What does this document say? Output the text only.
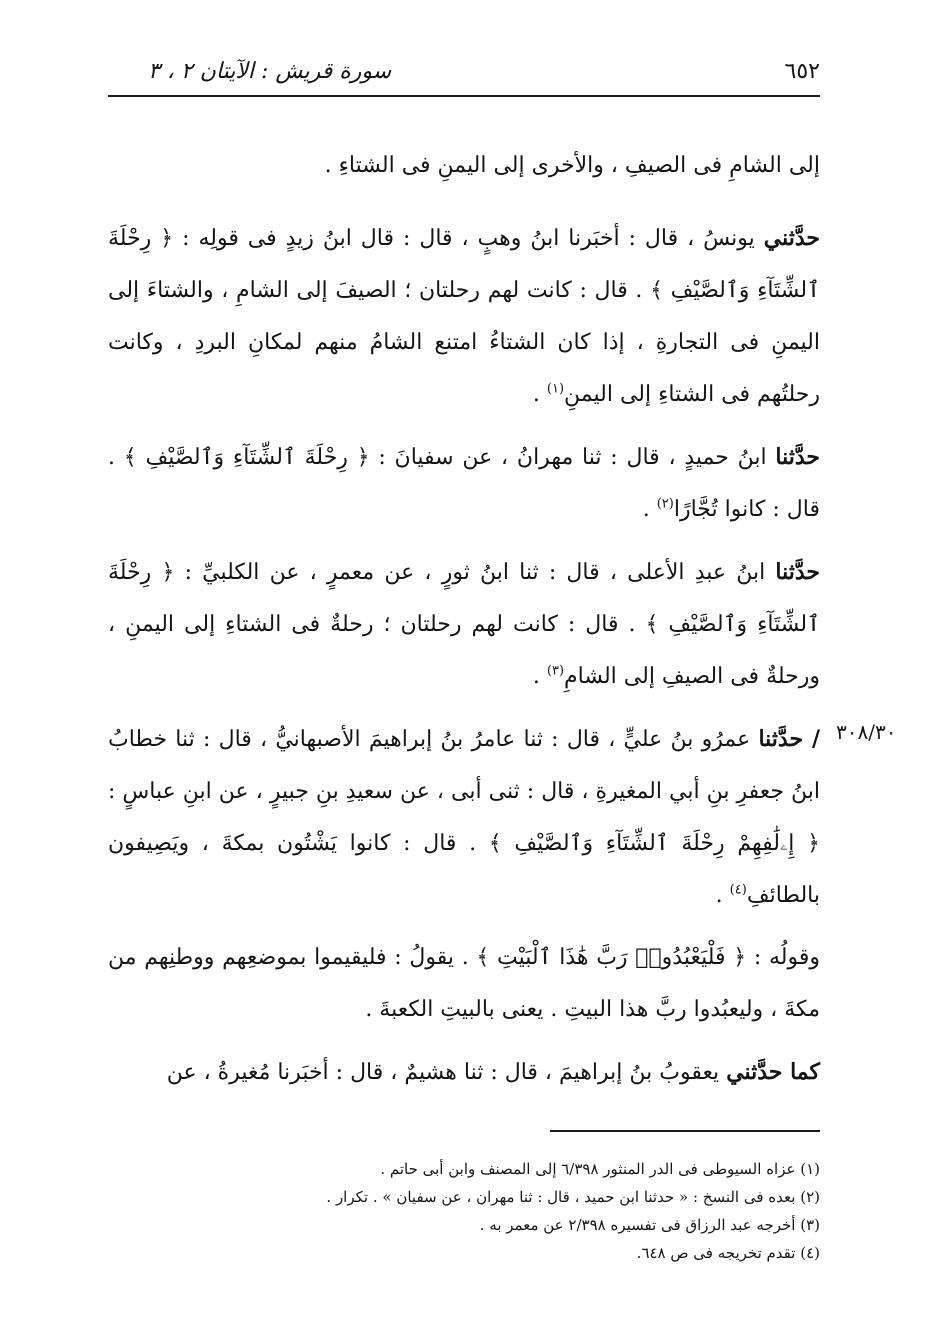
٦٥٢
سورة قريش : الآيتان ٢ ، ٣
٣٠٨/٣٠

إلى الشامِ فى الصيفِ ، والأخرى إلى اليمنِ فى الشتاءِ .

حدَّثني يونسُ ، قال : أخبَرنا ابنُ وهبٍ ، قال : قال ابنُ زيدٍ فى قولِه : ﴿ رِحْلَةَ ٱلشِّتَآءِ وَٱلصَّيْفِ ﴾ . قال : كانت لهم رحلتان ؛ الصيفَ إلى الشامِ ، والشتاءَ إلى اليمنِ فى التجارةِ ، إذا كان الشتاءُ امتنع الشامُ منهم لمكانِ البردِ ، وكانت رحلتُهم فى الشتاءِ إلى اليمنِ$^{(١)}$ .

حدَّثنا ابنُ حميدٍ ، قال : ثنا مهرانُ ، عن سفيانَ : ﴿ رِحْلَةَ ٱلشِّتَآءِ وَٱلصَّيْفِ ﴾ . قال : كانوا تُجَّارًا$^{(٢)}$ .

حدَّثنا ابنُ عبدِ الأعلى ، قال : ثنا ابنُ ثورٍ ، عن معمرٍ ، عن الكلبيِّ : ﴿ رِحْلَةَ ٱلشِّتَآءِ وَٱلصَّيْفِ ﴾ . قال : كانت لهم رحلتان ؛ رحلةٌ فى الشتاءِ إلى اليمنِ ، ورحلةٌ فى الصيفِ إلى الشامِ$^{(٣)}$ .

/ حدَّثنا عمرُو بنُ عليٍّ ، قال : ثنا عامرُ بنُ إبراهيمَ الأصبهانيُّ ، قال : ثنا خطابُ ابنُ جعفرِ بنِ أبي المغيرةِ ، قال : ثنى أبى ، عن سعيدِ بنِ جبيرٍ ، عن ابنِ عباسٍ : ﴿ إِۦلَٰفِهِمْ رِحْلَةَ ٱلشِّتَآءِ وَٱلصَّيْفِ ﴾ . قال : كانوا يَشْتُون بمكةَ ، ويَصِيفون بالطائفِ$^{(٤)}$ .

وقولُه : ﴿ فَلْيَعْبُدُوا۟ رَبَّ هَٰذَا ٱلْبَيْتِ ﴾ . يقولُ : فليقيموا بموضعِهم ووطنِهم من مكةَ ، وليعبُدوا ربَّ هذا البيتِ . يعنى بالبيتِ الكعبةَ .

كما حدَّثني يعقوبُ بنُ إبراهيمَ ، قال : ثنا هشيمٌ ، قال : أخبَرنا مُغيرةُ ، عن

(١) عزاه السيوطى فى الدر المنثور ٦/٣٩٨ إلى المصنف وابن أبى حاتم .

(٢) بعده فى النسخ : « حدثنا ابن حميد ، قال : ثنا مهران ، عن سفيان » . تكرار .

(٣) أخرجه عبد الرزاق فى تفسيره ٢/٣٩٨ عن معمر به .

(٤) تقدم تخريجه فى ص ٦٤٨.
